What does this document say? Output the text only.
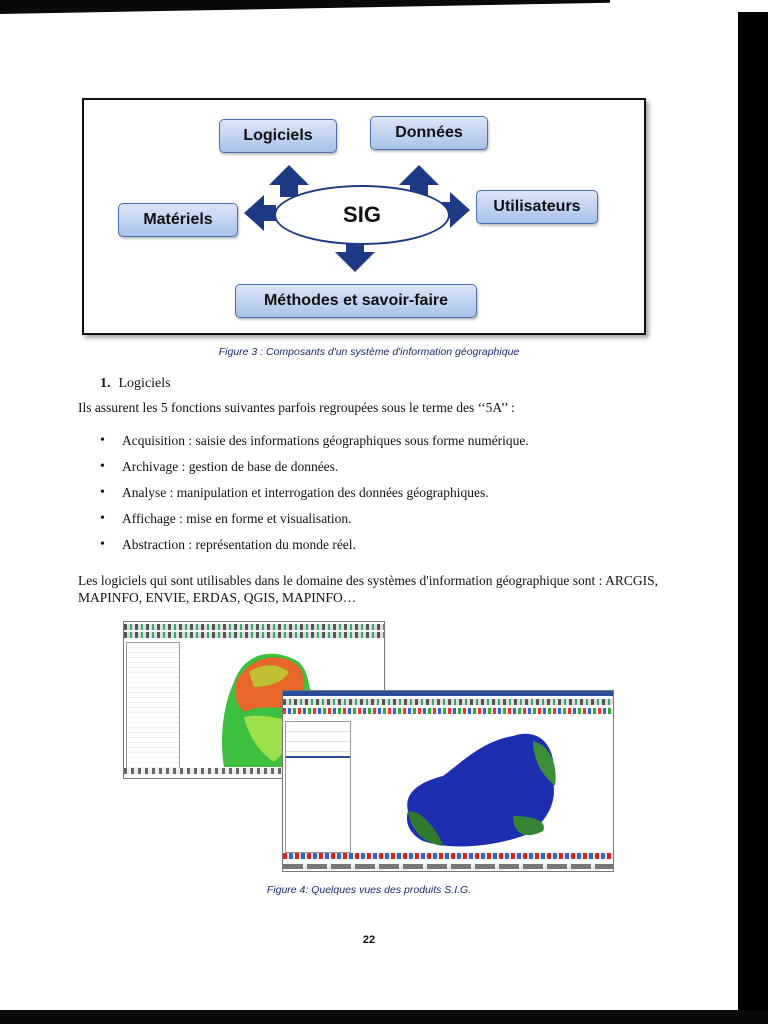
Logiciels	Données
Matériels
Utilisateurs
Méthodes et savoir-faire
SIG
Figure 3 : Composants d'un système d'information géographique
1. Logiciels
Ils assurent les 5 fonctions suivantes parfois regroupées sous le terme des ‘‘5A’’ :
• Acquisition : saisie des informations géographiques sous forme numérique.
• Archivage : gestion de base de données.
• Analyse : manipulation et interrogation des données géographiques.
• Affichage : mise en forme et visualisation.
• Abstraction : représentation du monde réel.
Les logiciels qui sont utilisables dans le domaine des systèmes d'information géographique sont : ARCGIS, MAPINFO, ENVIE, ERDAS, QGIS, MAPINFO…
Figure 4: Quelques vues des produits S.I.G.
22
